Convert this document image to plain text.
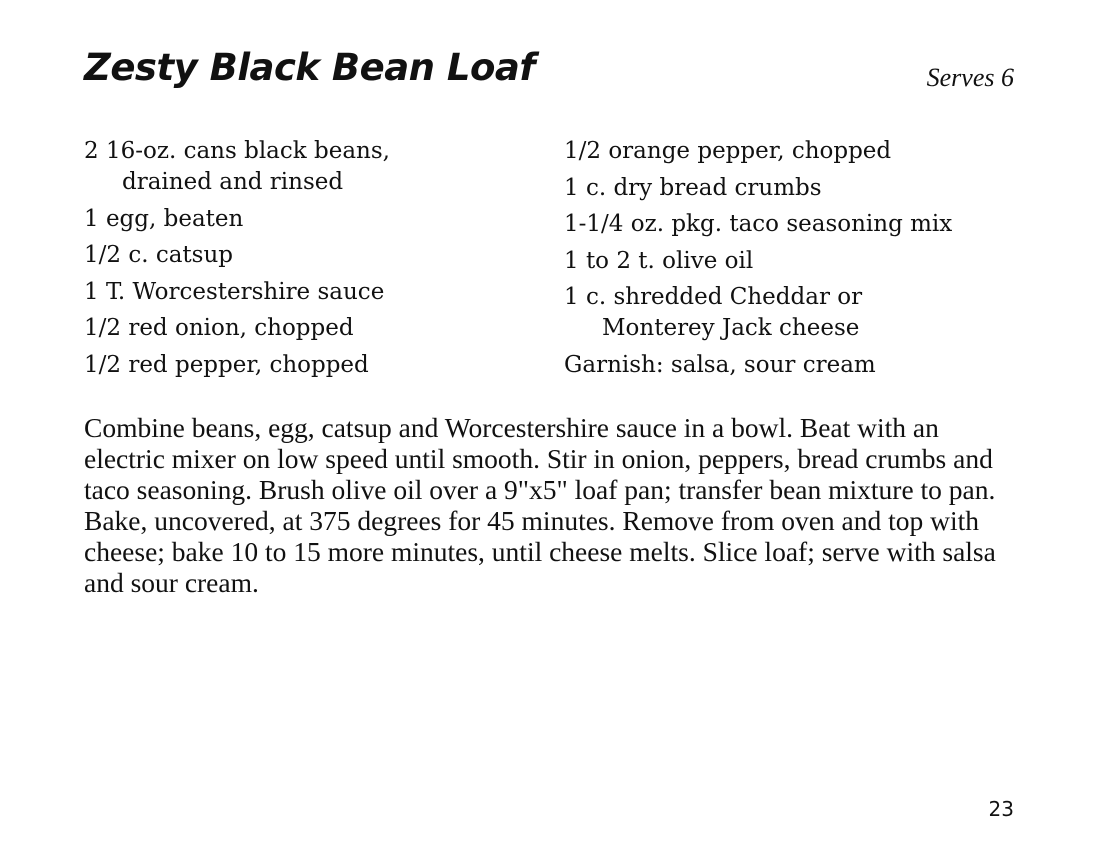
Zesty Black Bean Loaf	Serves 6
2 16-oz. cans black beans,
drained and rinsed
1 egg, beaten
1/2 c. catsup
1 T. Worcestershire sauce
1/2 red onion, chopped
1/2 red pepper, chopped
1/2 orange pepper, chopped
1 c. dry bread crumbs
1-1/4 oz. pkg. taco seasoning mix
1 to 2 t. olive oil
1 c. shredded Cheddar or
Monterey Jack cheese
Garnish: salsa, sour cream
Combine beans, egg, catsup and Worcestershire sauce in a bowl. Beat with an electric mixer on low speed until smooth. Stir in onion, peppers, bread crumbs and taco seasoning. Brush olive oil over a 9"x5" loaf pan; transfer bean mixture to pan. Bake, uncovered, at 375 degrees for 45 minutes. Remove from oven and top with cheese; bake 10 to 15 more minutes, until cheese melts. Slice loaf; serve with salsa and sour cream.
23
